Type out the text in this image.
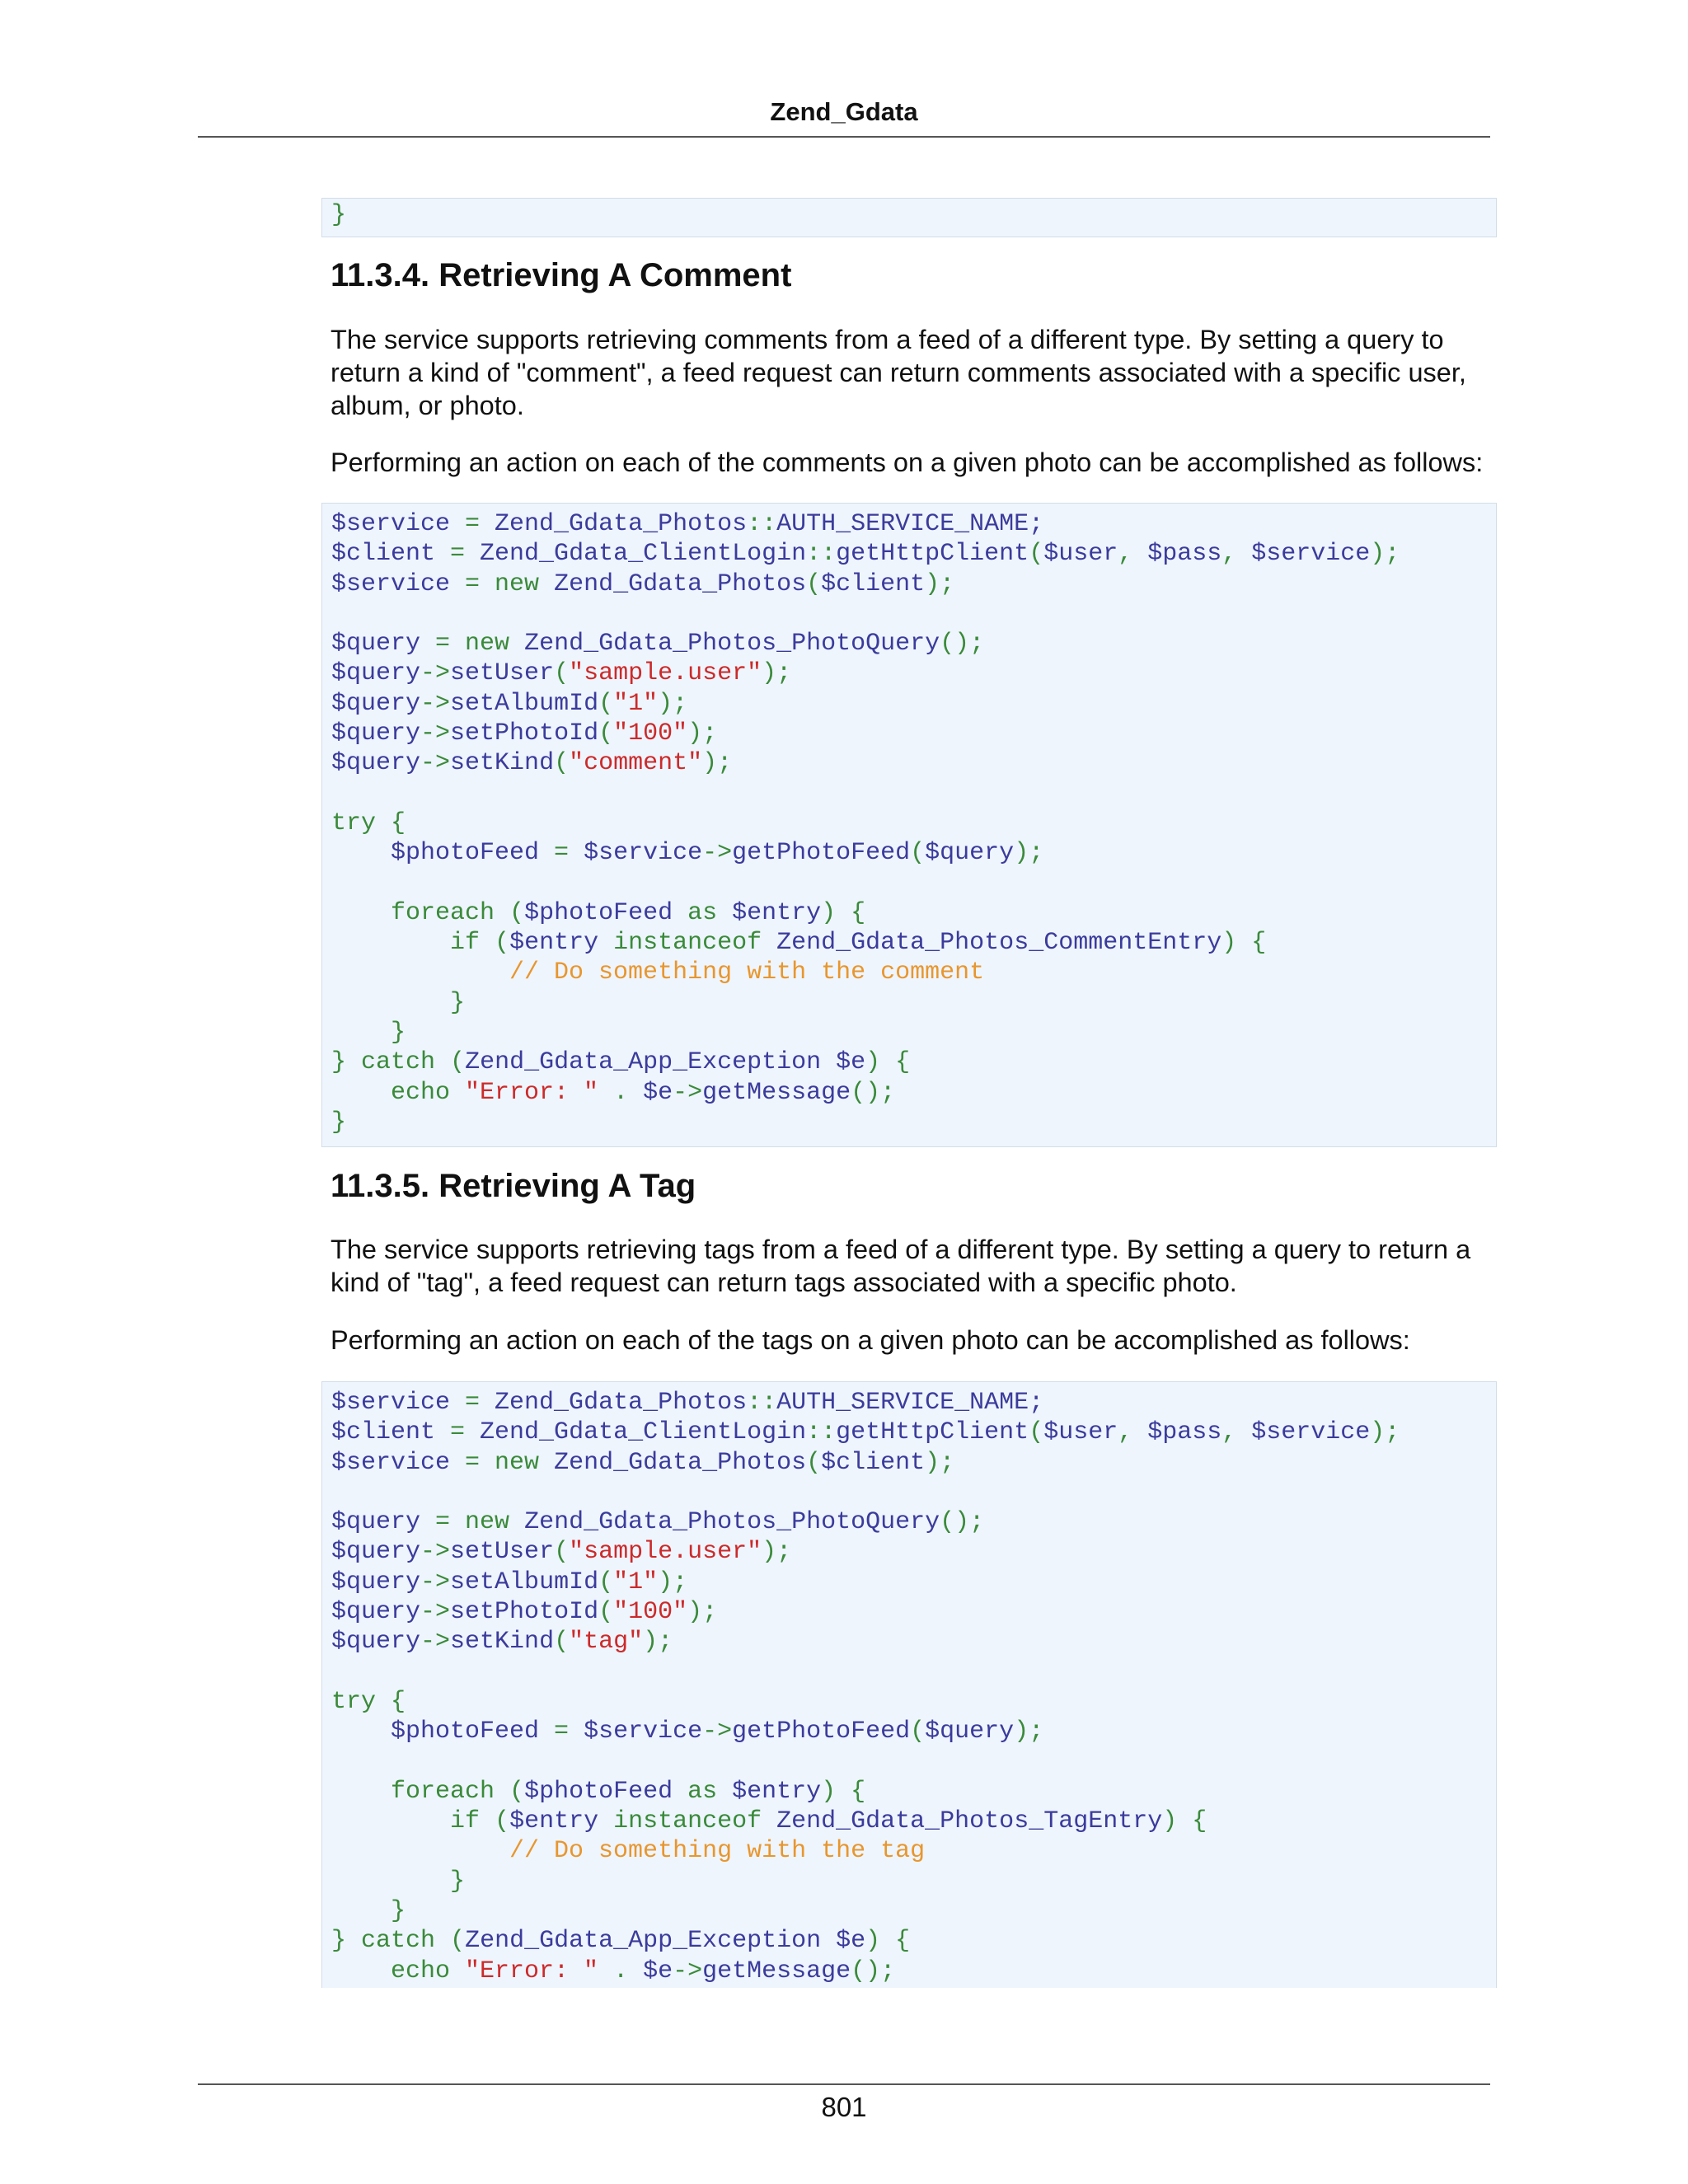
Zend_Gdata
}
11.3.4. Retrieving A Comment

The service supports retrieving comments from a feed of a different type. By setting a query to return a kind of "comment", a feed request can return comments associated with a specific user, album, or photo.

Performing an action on each of the comments on a given photo can be accomplished as follows:

$service = Zend_Gdata_Photos::AUTH_SERVICE_NAME;
$client = Zend_Gdata_ClientLogin::getHttpClient($user, $pass, $service);
$service = new Zend_Gdata_Photos($client);
$query = new Zend_Gdata_Photos_PhotoQuery();
$query->setUser("sample.user");
$query->setAlbumId("1");
$query->setPhotoId("100");
$query->setKind("comment");
try {
$photoFeed = $service->getPhotoFeed($query);
foreach ($photoFeed as $entry) {
if ($entry instanceof Zend_Gdata_Photos_CommentEntry) {
// Do something with the comment
}
}
} catch (Zend_Gdata_App_Exception $e) {
echo "Error: " . $e->getMessage();
}
11.3.5. Retrieving A Tag

The service supports retrieving tags from a feed of a different type. By setting a query to return a kind of "tag", a feed request can return tags associated with a specific photo.

Performing an action on each of the tags on a given photo can be accomplished as follows:

$service = Zend_Gdata_Photos::AUTH_SERVICE_NAME;
$client = Zend_Gdata_ClientLogin::getHttpClient($user, $pass, $service);
$service = new Zend_Gdata_Photos($client);
$query = new Zend_Gdata_Photos_PhotoQuery();
$query->setUser("sample.user");
$query->setAlbumId("1");
$query->setPhotoId("100");
$query->setKind("tag");
try {
$photoFeed = $service->getPhotoFeed($query);
foreach ($photoFeed as $entry) {
if ($entry instanceof Zend_Gdata_Photos_TagEntry) {
// Do something with the tag
}
}
} catch (Zend_Gdata_App_Exception $e) {
echo "Error: " . $e->getMessage();
801
